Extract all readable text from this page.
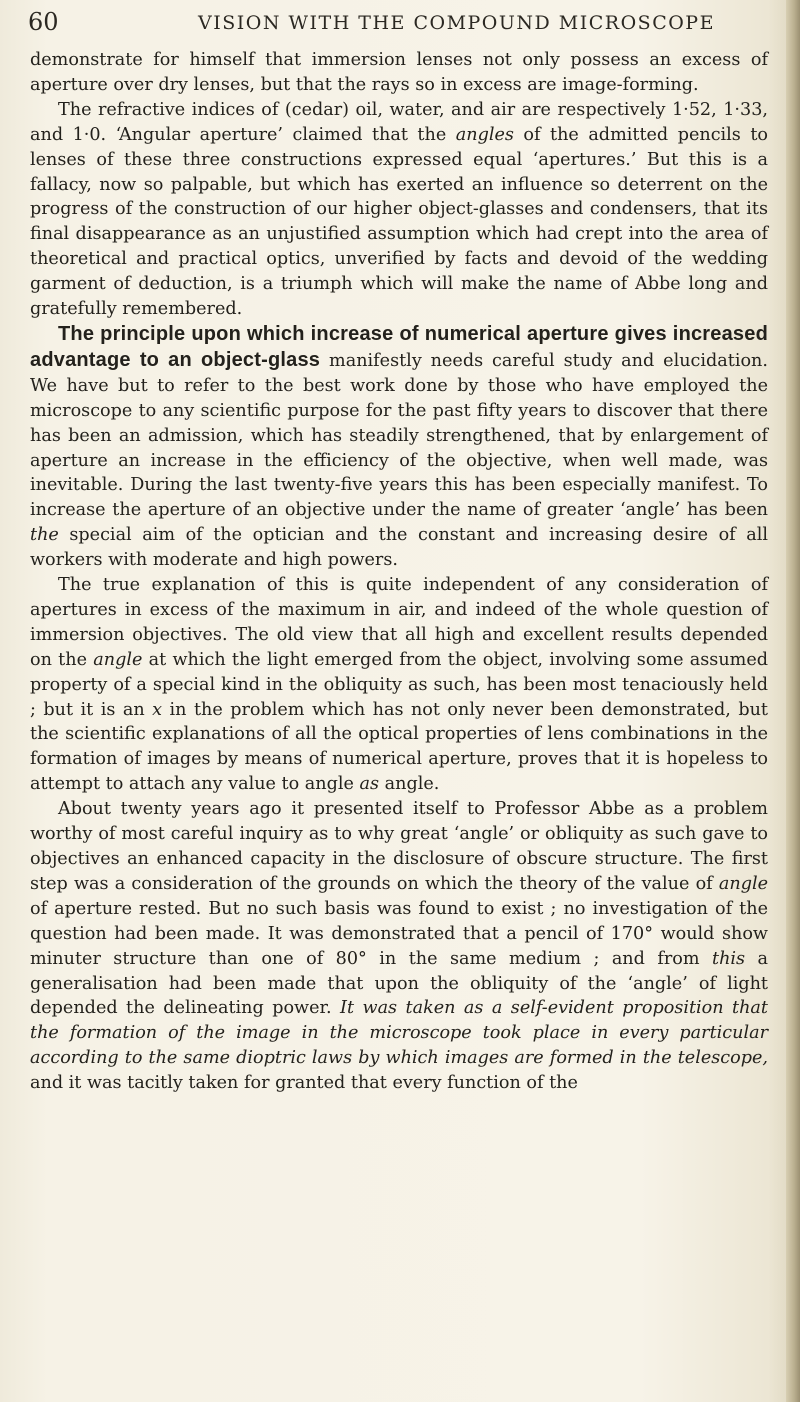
60	VISION WITH THE COMPOUND MICROSCOPE

demonstrate for himself that immersion lenses not only possess an excess of aperture over dry lenses, but that the rays so in excess are image-forming.

The refractive indices of (cedar) oil, water, and air are respectively 1·52, 1·33, and 1·0. ‘Angular aperture’ claimed that the angles of the admitted pencils to lenses of these three constructions expressed equal ‘apertures.’ But this is a fallacy, now so palpable, but which has exerted an influence so deterrent on the progress of the construction of our higher object-glasses and condensers, that its final disappearance as an unjustified assumption which had crept into the area of theoretical and practical optics, unverified by facts and devoid of the wedding garment of deduction, is a triumph which will make the name of Abbe long and gratefully remembered.

The principle upon which increase of numerical aperture gives increased advantage to an object-glass manifestly needs careful study and elucidation. We have but to refer to the best work done by those who have employed the microscope to any scientific purpose for the past fifty years to discover that there has been an admission, which has steadily strengthened, that by enlargement of aperture an increase in the efficiency of the objective, when well made, was inevitable. During the last twenty-five years this has been especially manifest. To increase the aperture of an objective under the name of greater ‘angle’ has been the special aim of the optician and the constant and increasing desire of all workers with moderate and high powers.

The true explanation of this is quite independent of any consideration of apertures in excess of the maximum in air, and indeed of the whole question of immersion objectives. The old view that all high and excellent results depended on the angle at which the light emerged from the object, involving some assumed property of a special kind in the obliquity as such, has been most tenaciously held ; but it is an x in the problem which has not only never been demonstrated, but the scientific explanations of all the optical properties of lens combinations in the formation of images by means of numerical aperture, proves that it is hopeless to attempt to attach any value to angle as angle.

About twenty years ago it presented itself to Professor Abbe as a problem worthy of most careful inquiry as to why great ‘angle’ or obliquity as such gave to objectives an enhanced capacity in the disclosure of obscure structure. The first step was a consideration of the grounds on which the theory of the value of angle of aperture rested. But no such basis was found to exist ; no investigation of the question had been made. It was demonstrated that a pencil of 170° would show minuter structure than one of 80° in the same medium ; and from this a generalisation had been made that upon the obliquity of the ‘angle’ of light depended the delineating power. It was taken as a self-evident proposition that the formation of the image in the microscope took place in every particular according to the same dioptric laws by which images are formed in the telescope, and it was tacitly taken for granted that every function of the
